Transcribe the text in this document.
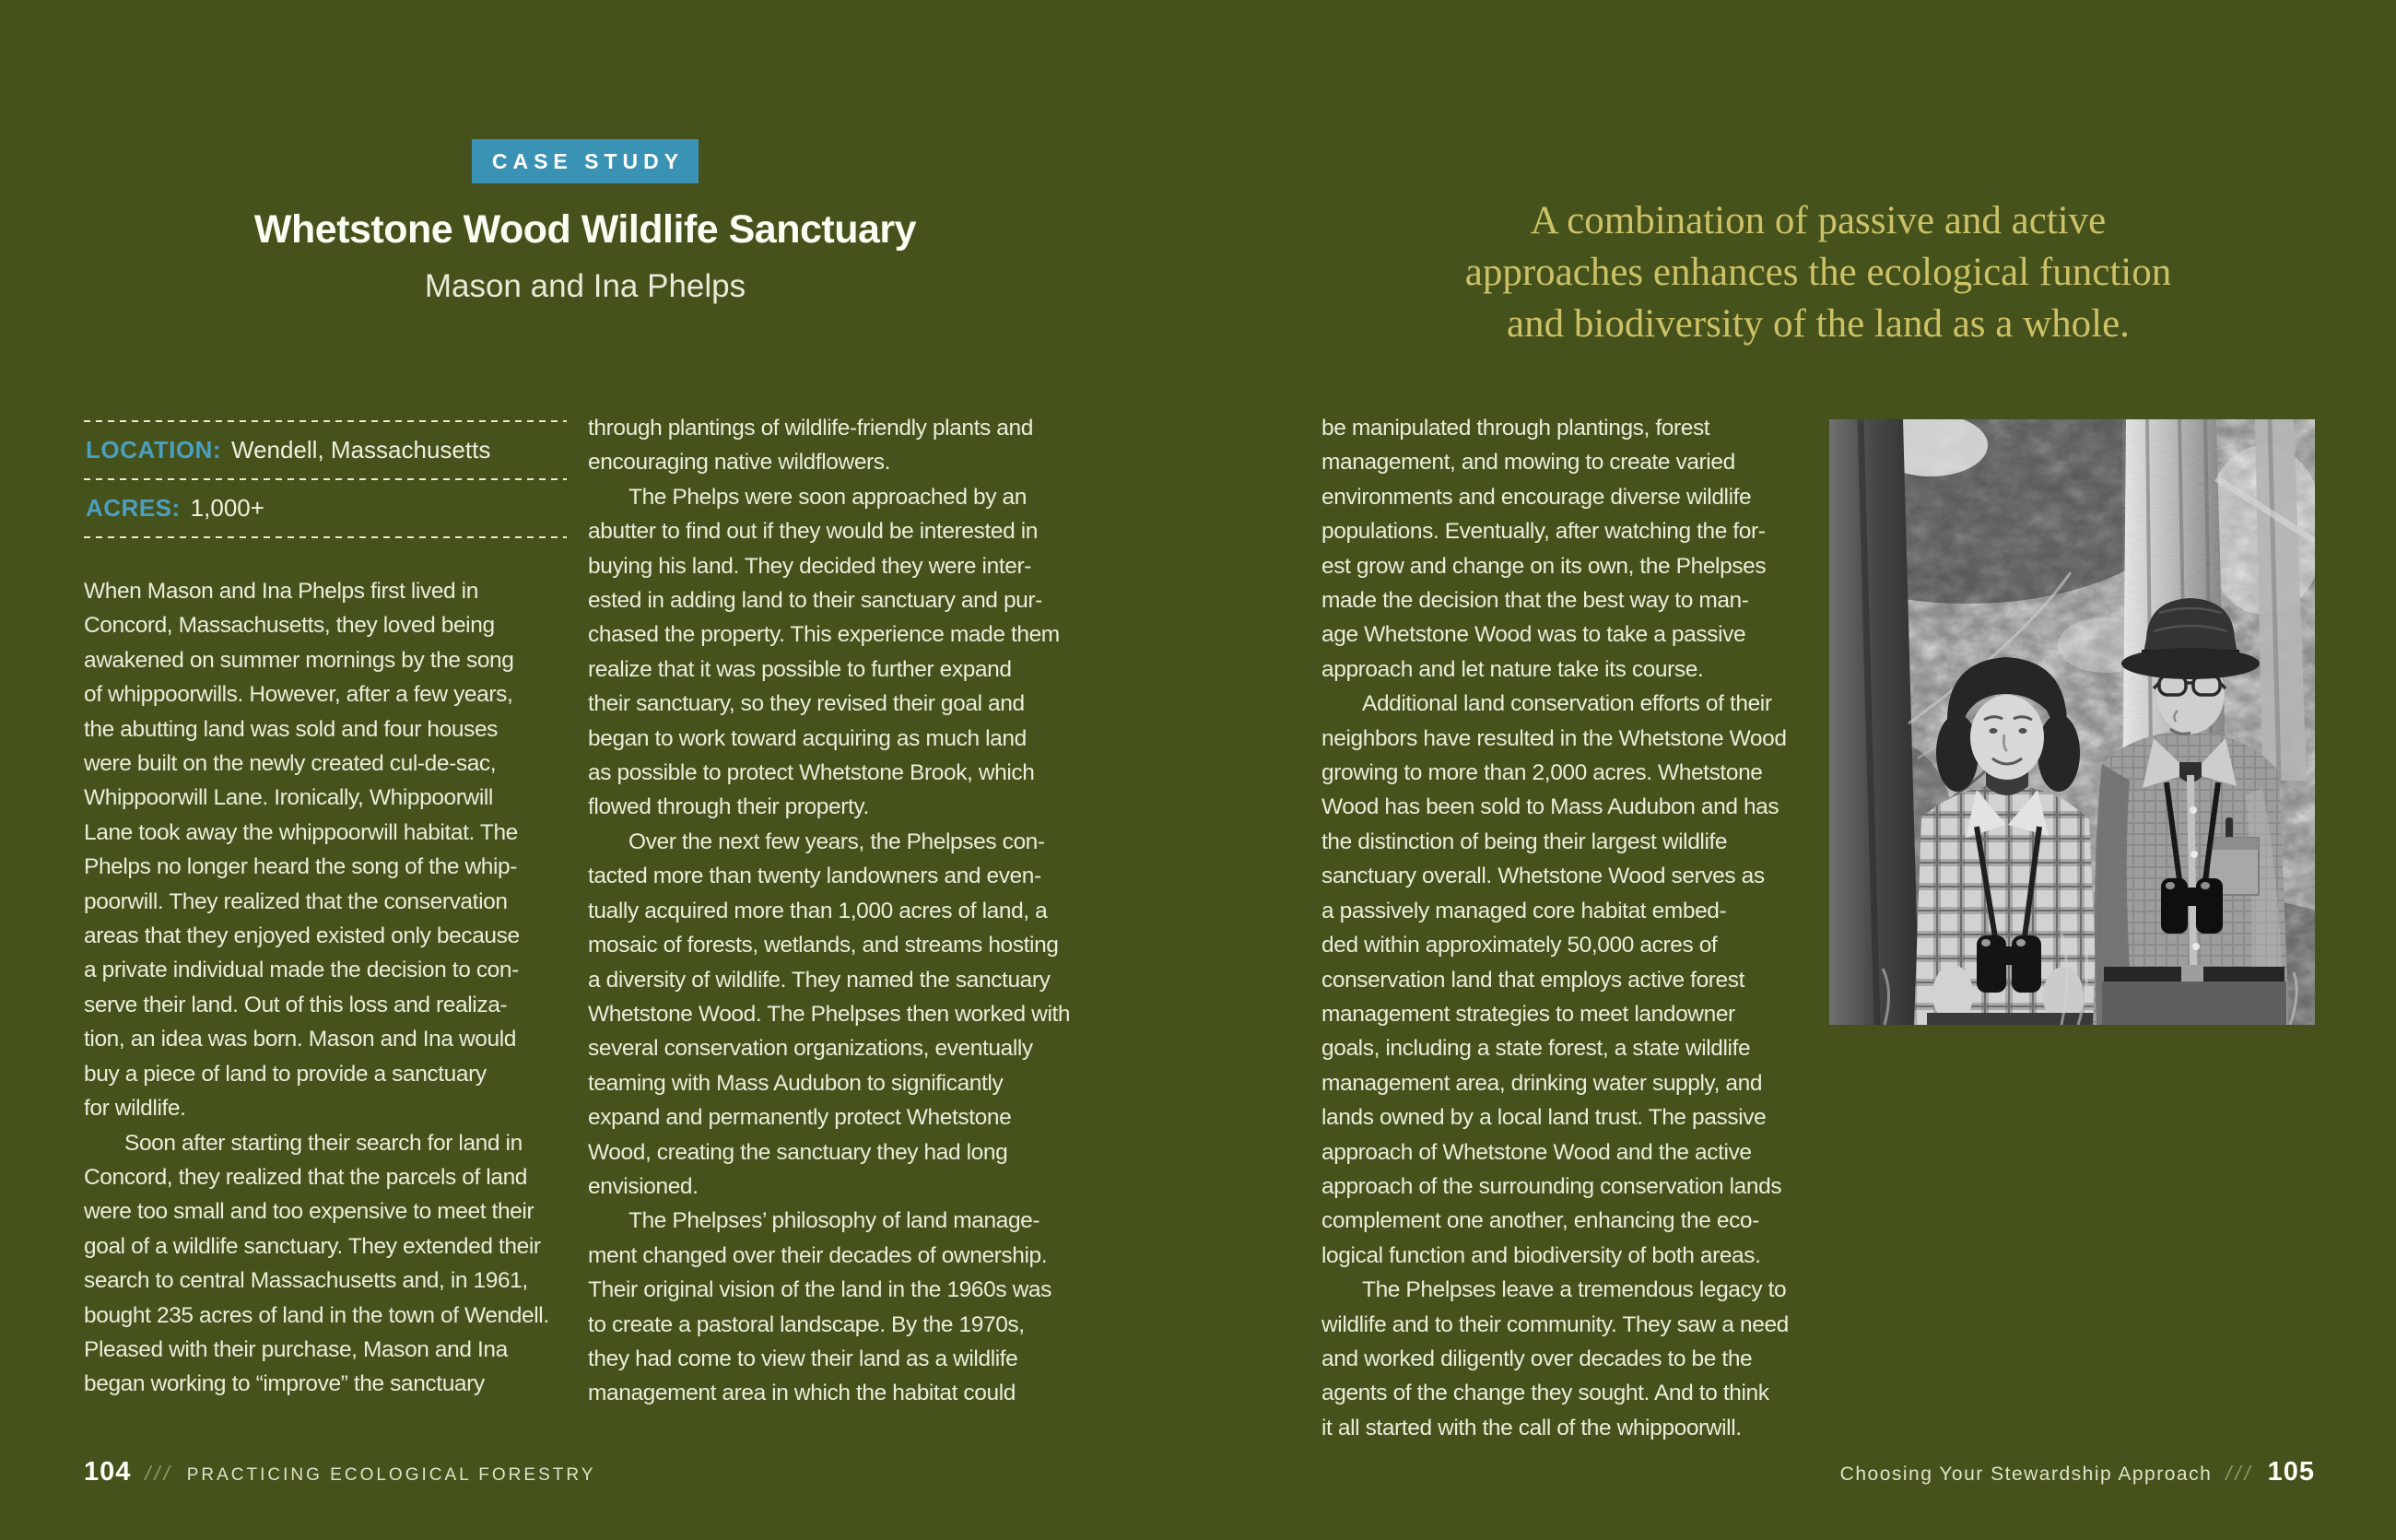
CASE STUDY
Whetstone Wood Wildlife Sanctuary
Mason and Ina Phelps
A combination of passive and active
approaches enhances the ecological function
and biodiversity of the land as a whole.
LOCATION: Wendell, Massachusetts
ACRES: 1,000+
When Mason and Ina Phelps first lived in
Concord, Massachusetts, they loved being
awakened on summer mornings by the song
of whippoorwills. However, after a few years,
the abutting land was sold and four houses
were built on the newly created cul-de-sac,
Whippoorwill Lane. Ironically, Whippoorwill
Lane took away the whippoorwill habitat. The
Phelps no longer heard the song of the whip-
poorwill. They realized that the conservation
areas that they enjoyed existed only because
a private individual made the decision to con-
serve their land. Out of this loss and realiza-
tion, an idea was born. Mason and Ina would
buy a piece of land to provide a sanctuary
for wildlife.
Soon after starting their search for land in
Concord, they realized that the parcels of land
were too small and too expensive to meet their
goal of a wildlife sanctuary. They extended their
search to central Massachusetts and, in 1961,
bought 235 acres of land in the town of Wendell.
Pleased with their purchase, Mason and Ina
began working to “improve” the sanctuary
through plantings of wildlife-friendly plants and
encouraging native wildflowers.
The Phelps were soon approached by an
abutter to find out if they would be interested in
buying his land. They decided they were inter-
ested in adding land to their sanctuary and pur-
chased the property. This experience made them
realize that it was possible to further expand
their sanctuary, so they revised their goal and
began to work toward acquiring as much land
as possible to protect Whetstone Brook, which
flowed through their property.
Over the next few years, the Phelpses con-
tacted more than twenty landowners and even-
tually acquired more than 1,000 acres of land, a
mosaic of forests, wetlands, and streams hosting
a diversity of wildlife. They named the sanctuary
Whetstone Wood. The Phelpses then worked with
several conservation organizations, eventually
teaming with Mass Audubon to significantly
expand and permanently protect Whetstone
Wood, creating the sanctuary they had long
envisioned.
The Phelpses’ philosophy of land manage-
ment changed over their decades of ownership.
Their original vision of the land in the 1960s was
to create a pastoral landscape. By the 1970s,
they had come to view their land as a wildlife
management area in which the habitat could
be manipulated through plantings, forest
management, and mowing to create varied
environments and encourage diverse wildlife
populations. Eventually, after watching the for-
est grow and change on its own, the Phelpses
made the decision that the best way to man-
age Whetstone Wood was to take a passive
approach and let nature take its course.
Additional land conservation efforts of their
neighbors have resulted in the Whetstone Wood
growing to more than 2,000 acres. Whetstone
Wood has been sold to Mass Audubon and has
the distinction of being their largest wildlife
sanctuary overall. Whetstone Wood serves as
a passively managed core habitat embed-
ded within approximately 50,000 acres of
conservation land that employs active forest
management strategies to meet landowner
goals, including a state forest, a state wildlife
management area, drinking water supply, and
lands owned by a local land trust. The passive
approach of Whetstone Wood and the active
approach of the surrounding conservation lands
complement one another, enhancing the eco-
logical function and biodiversity of both areas.
The Phelpses leave a tremendous legacy to
wildlife and to their community. They saw a need
and worked diligently over decades to be the
agents of the change they sought. And to think
it all started with the call of the whippoorwill.
104 /// PRACTICING ECOLOGICAL FORESTRY	Choosing Your Stewardship Approach /// 105
